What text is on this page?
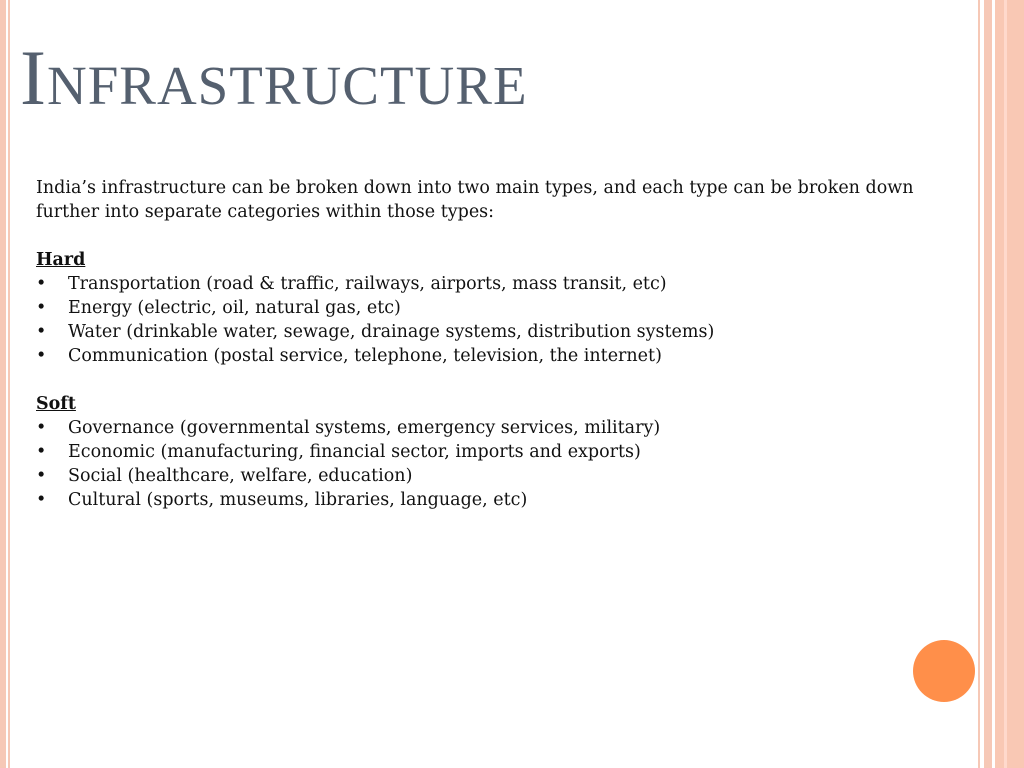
Infrastructure

India’s infrastructure can be broken down into two main types, and each type can be broken down further into separate categories within those types:

Hard

• Transportation (road & traffic, railways, airports, mass transit, etc)
• Energy (electric, oil, natural gas, etc)
• Water (drinkable water, sewage, drainage systems, distribution systems)
• Communication (postal service, telephone, television, the internet)

Soft

• Governance (governmental systems, emergency services, military)
• Economic (manufacturing, financial sector, imports and exports)
• Social (healthcare, welfare, education)
• Cultural (sports, museums, libraries, language, etc)
